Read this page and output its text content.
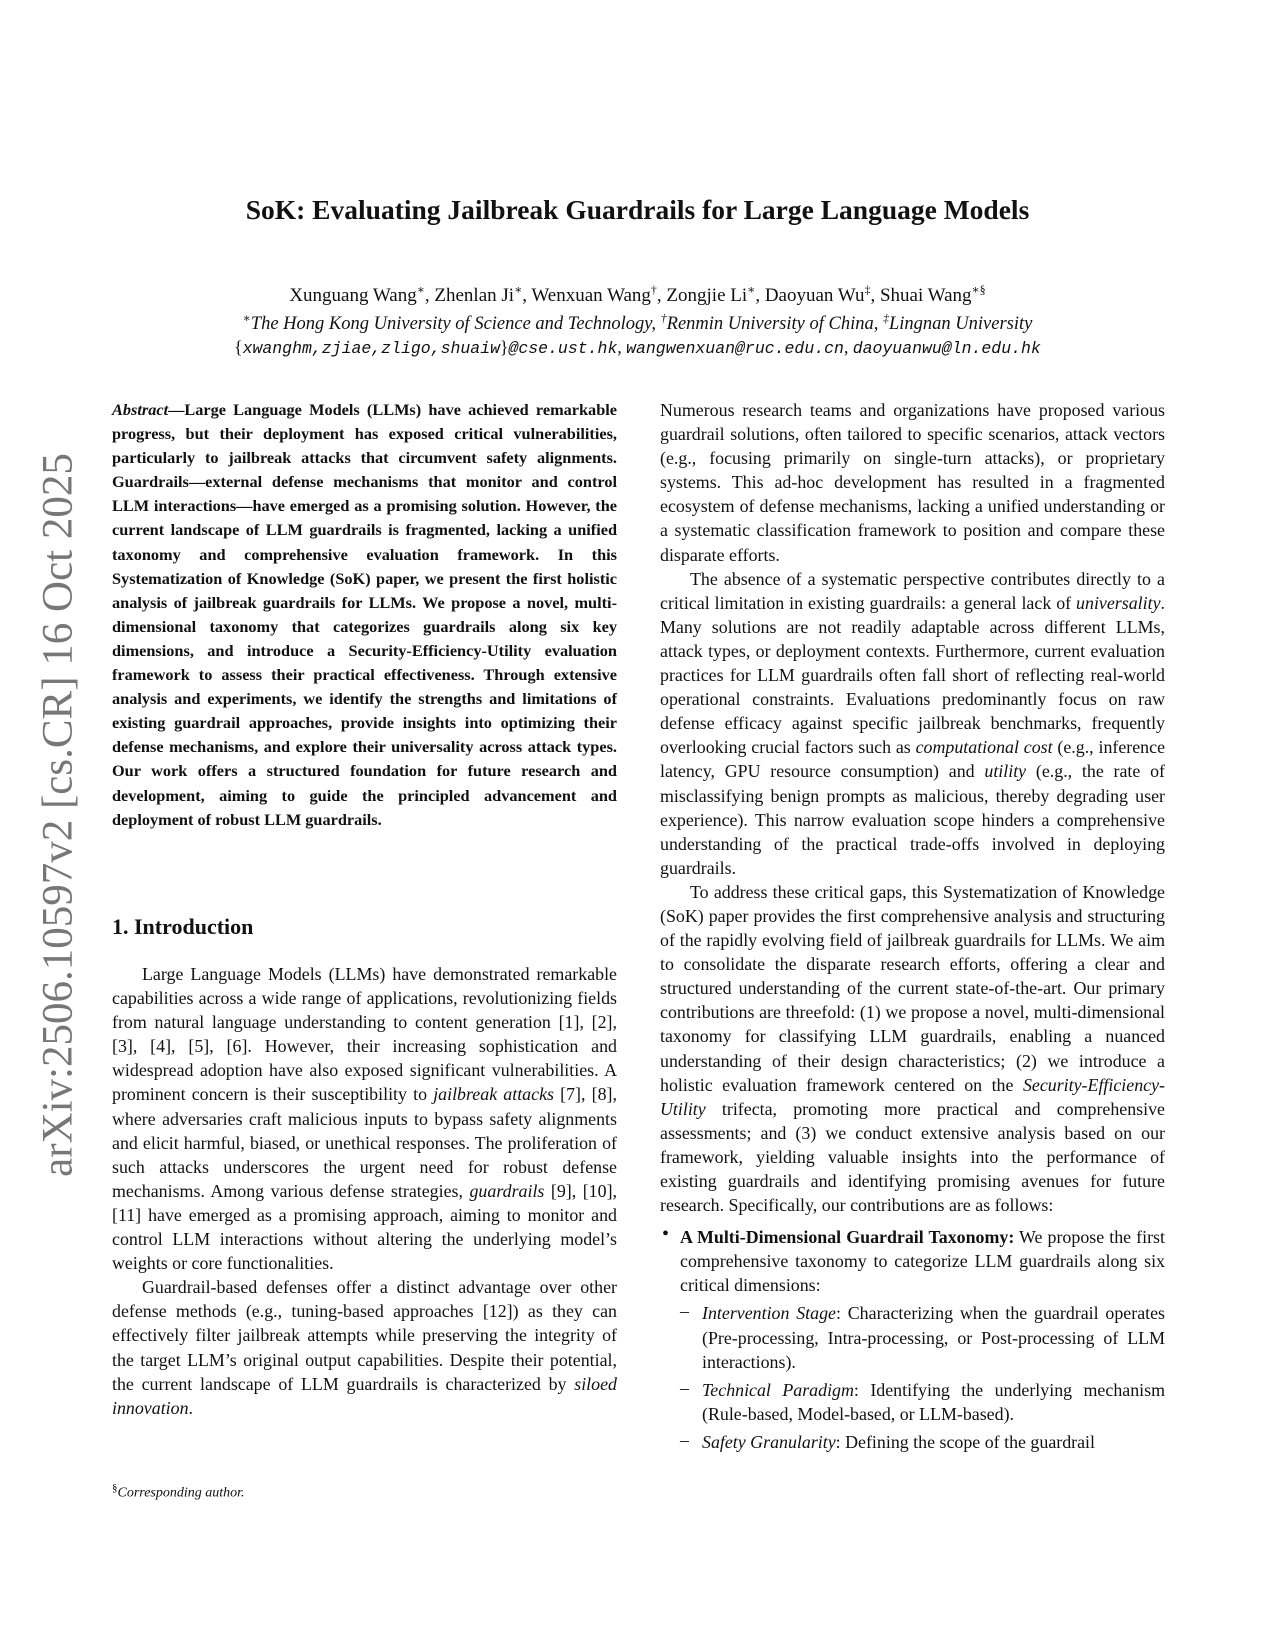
arXiv:2506.10597v2 [cs.CR] 16 Oct 2025
SoK: Evaluating Jailbreak Guardrails for Large Language Models

Xunguang Wang∗, Zhenlan Ji∗, Wenxuan Wang†, Zongjie Li∗, Daoyuan Wu‡, Shuai Wang∗§

∗The Hong Kong University of Science and Technology, †Renmin University of China, ‡Lingnan University

{xwanghm,zjiae,zligo,shuaiw}@cse.ust.hk, wangwenxuan@ruc.edu.cn, daoyuanwu@ln.edu.hk

Abstract—Large Language Models (LLMs) have achieved remarkable progress, but their deployment has exposed critical vulnerabilities, particularly to jailbreak attacks that circumvent safety alignments. Guardrails—external defense mechanisms that monitor and control LLM interactions—have emerged as a promising solution. However, the current landscape of LLM guardrails is fragmented, lacking a unified taxonomy and comprehensive evaluation framework. In this Systematization of Knowledge (SoK) paper, we present the first holistic analysis of jailbreak guardrails for LLMs. We propose a novel, multi-dimensional taxonomy that categorizes guardrails along six key dimensions, and introduce a Security-Efficiency-Utility evaluation framework to assess their practical effectiveness. Through extensive analysis and experiments, we identify the strengths and limitations of existing guardrail approaches, provide insights into optimizing their defense mechanisms, and explore their universality across attack types. Our work offers a structured foundation for future research and development, aiming to guide the principled advancement and deployment of robust LLM guardrails.

1. Introduction

Large Language Models (LLMs) have demonstrated remarkable capabilities across a wide range of applications, revolutionizing fields from natural language understanding to content generation [1], [2], [3], [4], [5], [6]. However, their increasing sophistication and widespread adoption have also exposed significant vulnerabilities. A prominent concern is their susceptibility to jailbreak attacks [7], [8], where adversaries craft malicious inputs to bypass safety alignments and elicit harmful, biased, or unethical responses. The proliferation of such attacks underscores the urgent need for robust defense mechanisms. Among various defense strategies, guardrails [9], [10], [11] have emerged as a promising approach, aiming to monitor and control LLM interactions without altering the underlying model’s weights or core functionalities.

Guardrail-based defenses offer a distinct advantage over other defense methods (e.g., tuning-based approaches [12]) as they can effectively filter jailbreak attempts while preserving the integrity of the target LLM’s original output capabilities. Despite their potential, the current landscape of LLM guardrails is characterized by siloed innovation.

§Corresponding author.

Numerous research teams and organizations have proposed various guardrail solutions, often tailored to specific scenarios, attack vectors (e.g., focusing primarily on single-turn attacks), or proprietary systems. This ad-hoc development has resulted in a fragmented ecosystem of defense mechanisms, lacking a unified understanding or a systematic classification framework to position and compare these disparate efforts.

The absence of a systematic perspective contributes directly to a critical limitation in existing guardrails: a general lack of universality. Many solutions are not readily adaptable across different LLMs, attack types, or deployment contexts. Furthermore, current evaluation practices for LLM guardrails often fall short of reflecting real-world operational constraints. Evaluations predominantly focus on raw defense efficacy against specific jailbreak benchmarks, frequently overlooking crucial factors such as computational cost (e.g., inference latency, GPU resource consumption) and utility (e.g., the rate of misclassifying benign prompts as malicious, thereby degrading user experience). This narrow evaluation scope hinders a comprehensive understanding of the practical trade-offs involved in deploying guardrails.

To address these critical gaps, this Systematization of Knowledge (SoK) paper provides the first comprehensive analysis and structuring of the rapidly evolving field of jailbreak guardrails for LLMs. We aim to consolidate the disparate research efforts, offering a clear and structured understanding of the current state-of-the-art. Our primary contributions are threefold: (1) we propose a novel, multi-dimensional taxonomy for classifying LLM guardrails, enabling a nuanced understanding of their design characteristics; (2) we introduce a holistic evaluation framework centered on the Security-Efficiency-Utility trifecta, promoting more practical and comprehensive assessments; and (3) we conduct extensive analysis based on our framework, yielding valuable insights into the performance of existing guardrails and identifying promising avenues for future research. Specifically, our contributions are as follows:

• A Multi-Dimensional Guardrail Taxonomy: We propose the first comprehensive taxonomy to categorize LLM guardrails along six critical dimensions:

– Intervention Stage: Characterizing when the guardrail operates (Pre-processing, Intra-processing, or Post-processing of LLM interactions).

– Technical Paradigm: Identifying the underlying mechanism (Rule-based, Model-based, or LLM-based).

– Safety Granularity: Defining the scope of the guardrail
